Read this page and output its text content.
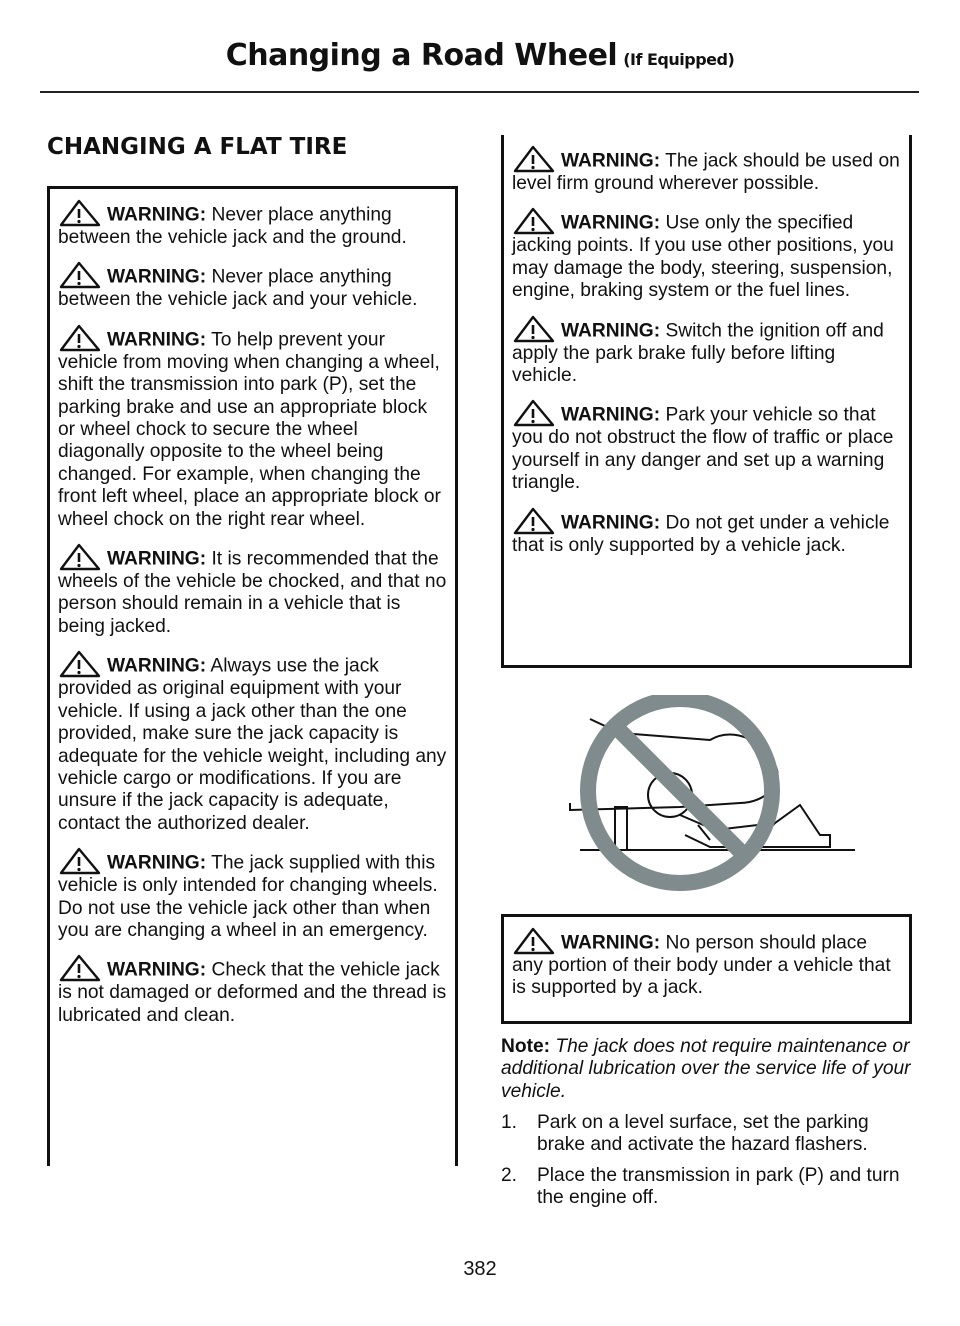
Changing a Road Wheel (If Equipped)
CHANGING A FLAT TIRE
WARNING: Never place anything between the vehicle jack and the ground.
WARNING: Never place anything between the vehicle jack and your vehicle.
WARNING: To help prevent your vehicle from moving when changing a wheel, shift the transmission into park (P), set the parking brake and use an appropriate block or wheel chock to secure the wheel diagonally opposite to the wheel being changed. For example, when changing the front left wheel, place an appropriate block or wheel chock on the right rear wheel.
WARNING: It is recommended that the wheels of the vehicle be chocked, and that no person should remain in a vehicle that is being jacked.
WARNING: Always use the jack provided as original equipment with your vehicle. If using a jack other than the one provided, make sure the jack capacity is adequate for the vehicle weight, including any vehicle cargo or modifications. If you are unsure if the jack capacity is adequate, contact the authorized dealer.
WARNING: The jack supplied with this vehicle is only intended for changing wheels. Do not use the vehicle jack other than when you are changing a wheel in an emergency.
WARNING: Check that the vehicle jack is not damaged or deformed and the thread is lubricated and clean.
WARNING: The jack should be used on level firm ground wherever possible.
WARNING: Use only the specified jacking points. If you use other positions, you may damage the body, steering, suspension, engine, braking system or the fuel lines.
WARNING: Switch the ignition off and apply the park brake fully before lifting vehicle.
WARNING: Park your vehicle so that you do not obstruct the flow of traffic or place yourself in any danger and set up a warning triangle.
WARNING: Do not get under a vehicle that is only supported by a vehicle jack.
WARNING: No person should place any portion of their body under a vehicle that is supported by a jack.
Note: The jack does not require maintenance or additional lubrication over the service life of your vehicle.
1. Park on a level surface, set the parking brake and activate the hazard flashers.
2. Place the transmission in park (P) and turn the engine off.
382
